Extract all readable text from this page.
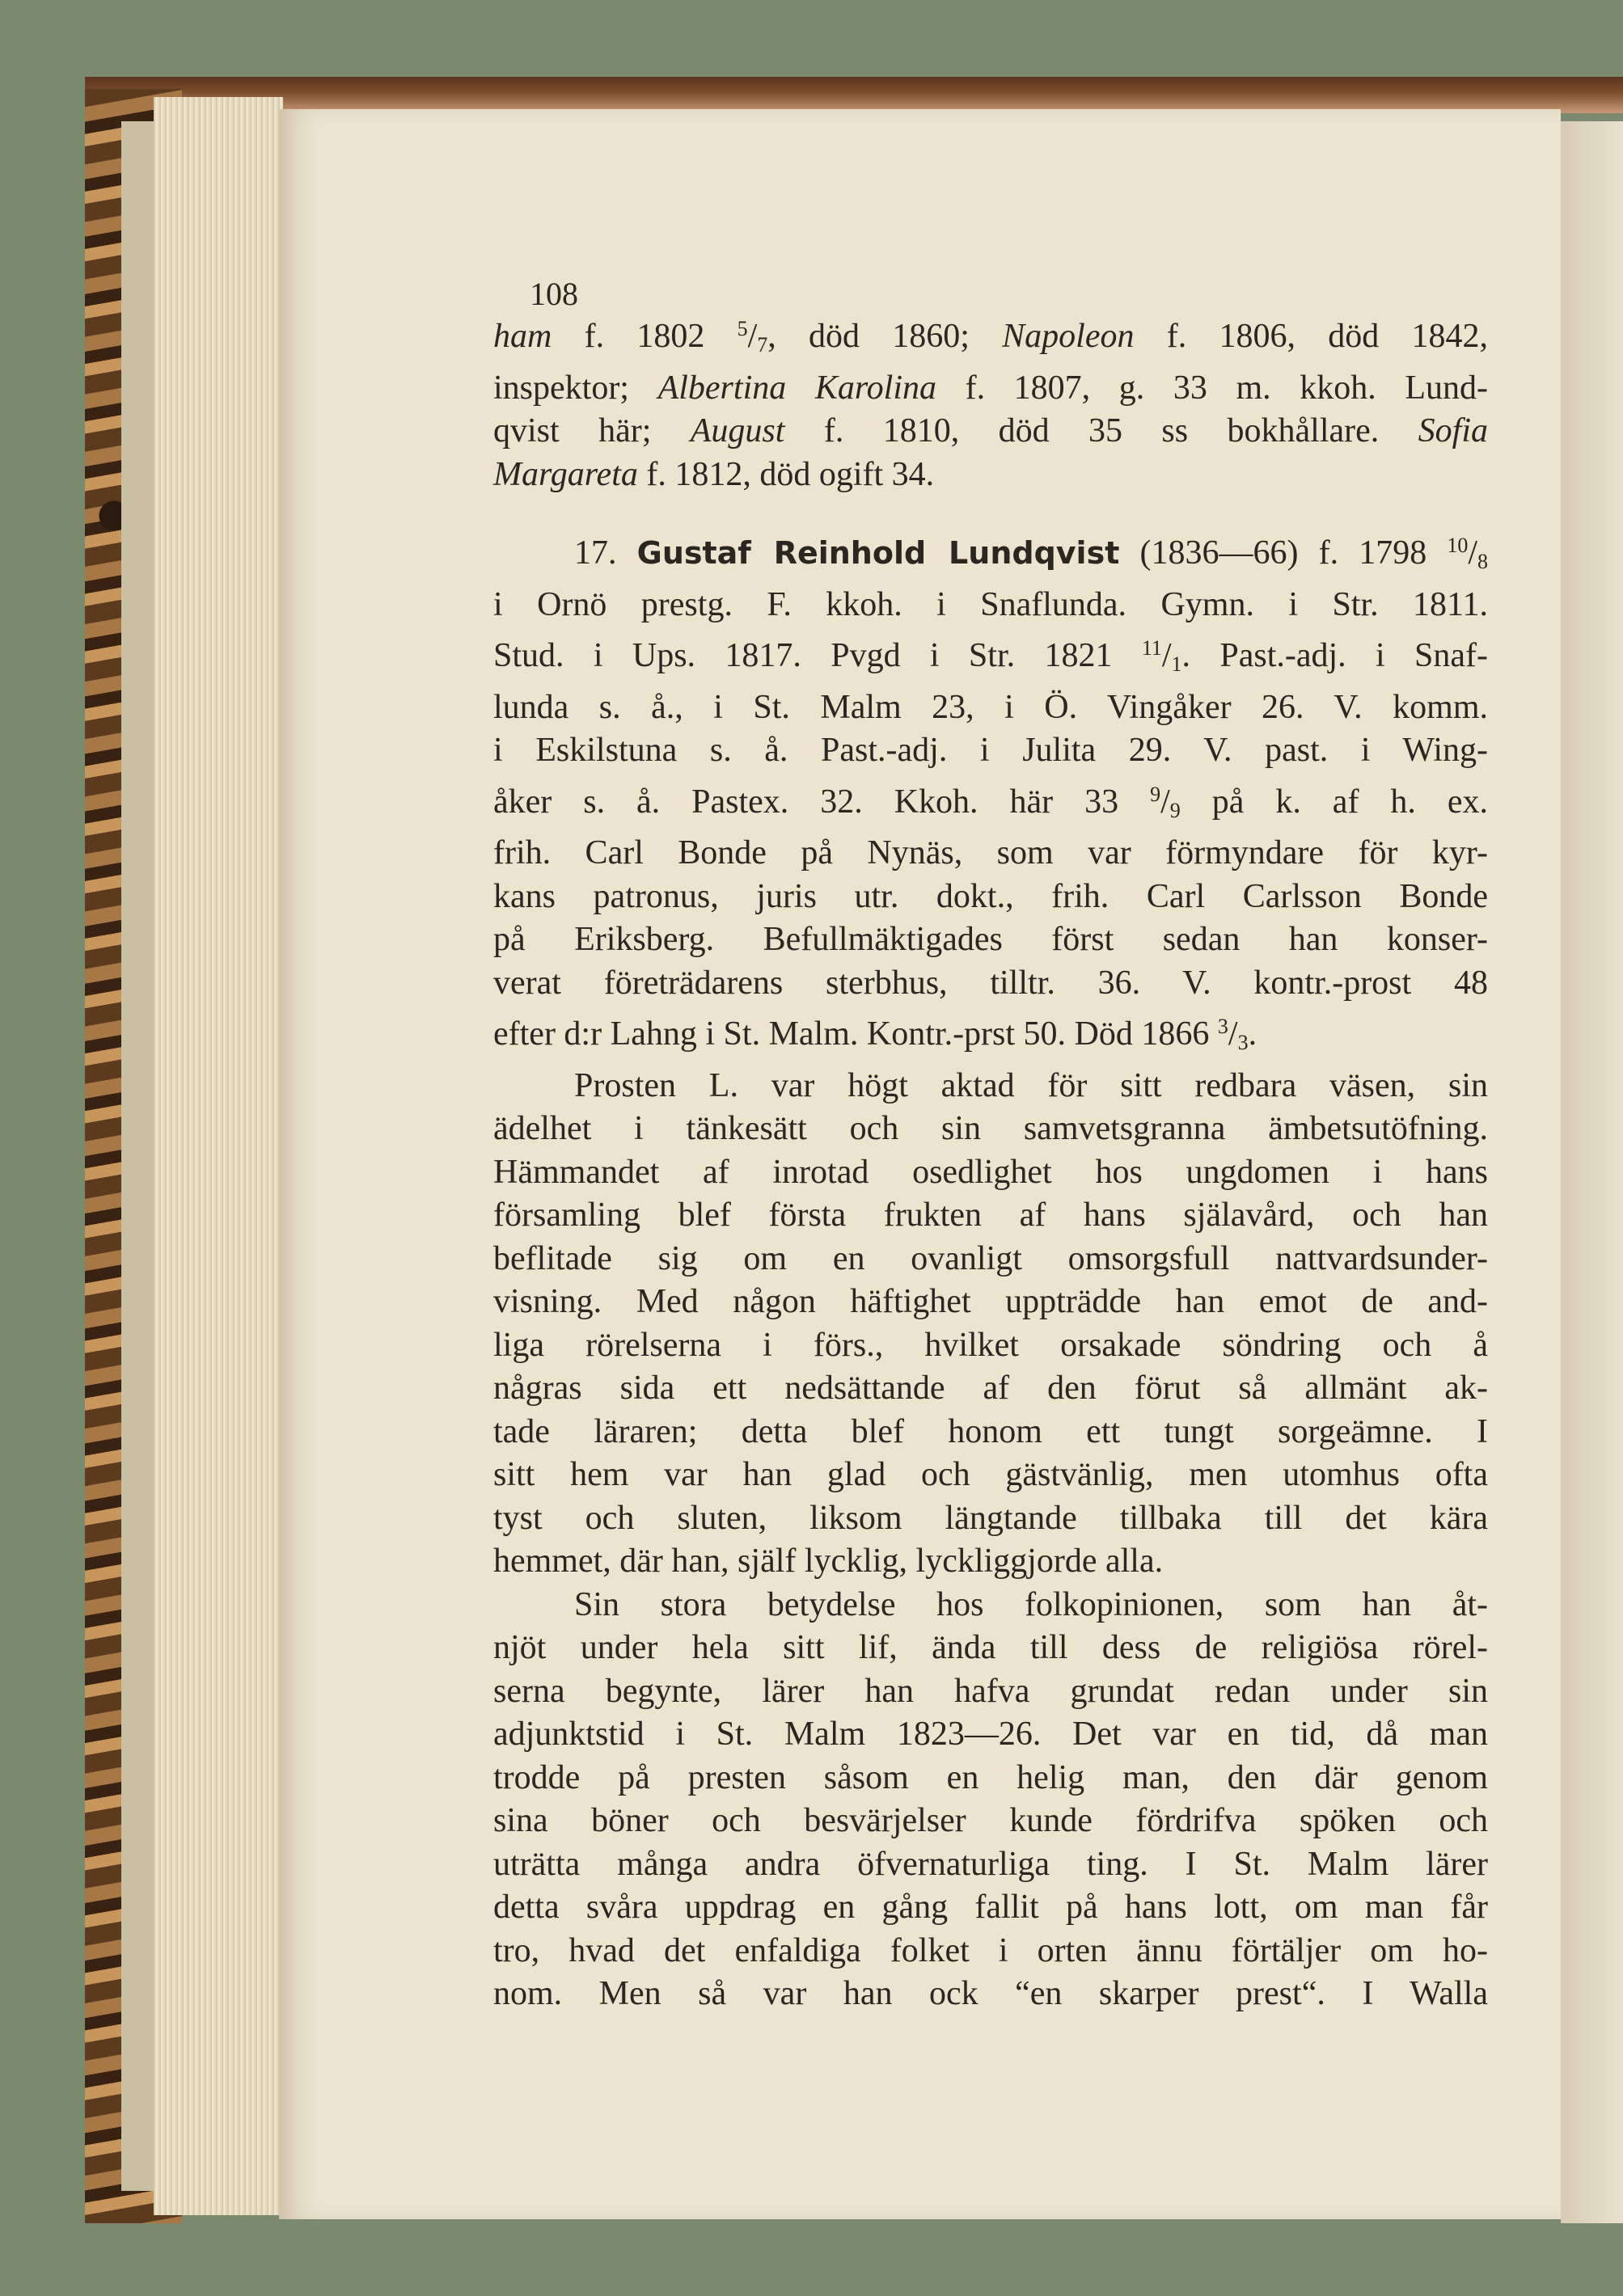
108
ham f. 1802 $^5$/7, död 1860; Napoleon f. 1806, död 1842,
inspektor; Albertina Karolina f. 1807, g. 33 m. kkoh. Lund-
qvist här; August f. 1810, död 35 ss bokhållare. Sofia
Margareta f. 1812, död ogift 34.
17. Gustaf Reinhold Lundqvist (1836—66) f. 1798 $^{10}$/8
i Ornö prestg. F. kkoh. i Snaflunda. Gymn. i Str. 1811.
Stud. i Ups. 1817. Pvgd i Str. 1821 $^{11}$/1. Past.-adj. i Snaf-
lunda s. å., i St. Malm 23, i Ö. Vingåker 26. V. komm.
i Eskilstuna s. å. Past.-adj. i Julita 29. V. past. i Wing-
åker s. å. Pastex. 32. Kkoh. här 33 $^9$/9 på k. af h. ex.
frih. Carl Bonde på Nynäs, som var förmyndare för kyr-
kans patronus, juris utr. dokt., frih. Carl Carlsson Bonde
på Eriksberg. Befullmäktigades först sedan han konser-
verat företrädarens sterbhus, tilltr. 36. V. kontr.-prost 48
efter d:r Lahng i St. Malm. Kontr.-prst 50. Död 1866 $^3$/3.
Prosten L. var högt aktad för sitt redbara väsen, sin
ädelhet i tänkesätt och sin samvetsgranna ämbetsutöfning.
Hämmandet af inrotad osedlighet hos ungdomen i hans
församling blef första frukten af hans själavård, och han
beflitade sig om en ovanligt omsorgsfull nattvardsunder-
visning. Med någon häftighet uppträdde han emot de and-
liga rörelserna i förs., hvilket orsakade söndring och å
någras sida ett nedsättande af den förut så allmänt ak-
tade läraren; detta blef honom ett tungt sorgeämne. I
sitt hem var han glad och gästvänlig, men utomhus ofta
tyst och sluten, liksom längtande tillbaka till det kära
hemmet, där han, själf lycklig, lyckliggjorde alla.
Sin stora betydelse hos folkopinionen, som han åt-
njöt under hela sitt lif, ända till dess de religiösa rörel-
serna begynte, lärer han hafva grundat redan under sin
adjunktstid i St. Malm 1823—26. Det var en tid, då man
trodde på presten såsom en helig man, den där genom
sina böner och besvärjelser kunde fördrifva spöken och
uträtta många andra öfvernaturliga ting. I St. Malm lärer
detta svåra uppdrag en gång fallit på hans lott, om man får
tro, hvad det enfaldiga folket i orten ännu förtäljer om ho-
nom. Men så var han ock “en skarper prest“. I Walla
